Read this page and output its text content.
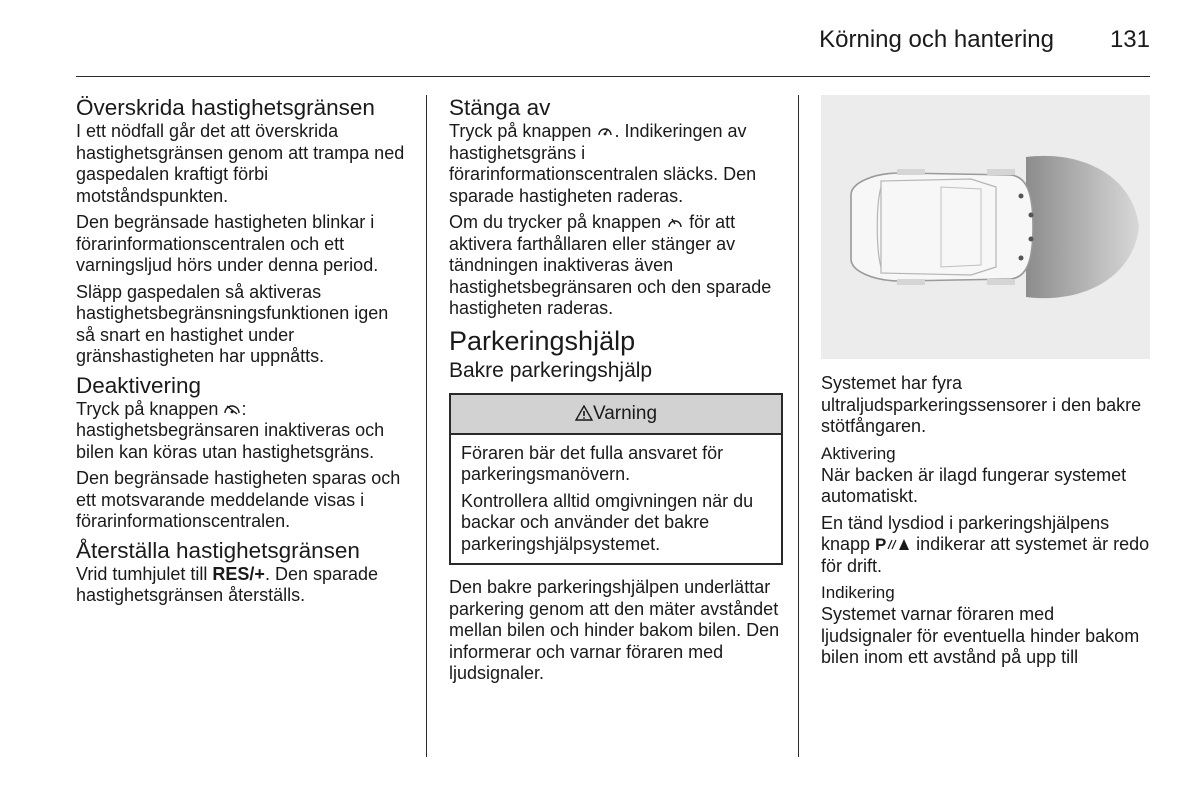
Körning och hantering 131
Överskrida hastighetsgränsen

I ett nödfall går det att överskrida hastighetsgränsen genom att trampa ned gaspedalen kraftigt förbi motståndspunkten.

Den begränsade hastigheten blinkar i förarinformationscentralen och ett varningsljud hörs under denna period.

Släpp gaspedalen så aktiveras hastighetsbegränsningsfunktionen igen så snart en hastighet under gränshastigheten har uppnåtts.

Deaktivering

Tryck på knappen : hastighetsbegränsaren inaktiveras och bilen kan köras utan hastighetsgräns.

Den begränsade hastigheten sparas och ett motsvarande meddelande visas i förarinformationscentralen.

Återställa hastighetsgränsen

Vrid tumhjulet till RES/+. Den sparade hastighetsgränsen återställs.

Stänga av

Tryck på knappen . Indikeringen av hastighetsgräns i förarinformationscentralen släcks. Den sparade hastigheten raderas.

Om du trycker på knappen för att aktivera farthållaren eller stänger av tändningen inaktiveras även hastighetsbegränsaren och den sparade hastigheten raderas.

Parkeringshjälp
Bakre parkeringshjälp
Varning

Föraren bär det fulla ansvaret för parkeringsmanövern.

Kontrollera alltid omgivningen när du backar och använder det bakre parkeringshjälpsystemet.

Den bakre parkeringshjälpen underlättar parkering genom att den mäter avståndet mellan bilen och hinder bakom bilen. Den informerar och varnar föraren med ljudsignaler.

Systemet har fyra ultraljudsparkeringssensorer i den bakre stötfångaren.

Aktivering

När backen är ilagd fungerar systemet automatiskt.

En tänd lysdiod i parkeringshjälpens knapp P indikerar att systemet är redo för drift.

Indikering

Systemet varnar föraren med ljudsignaler för eventuella hinder bakom bilen inom ett avstånd på upp till
